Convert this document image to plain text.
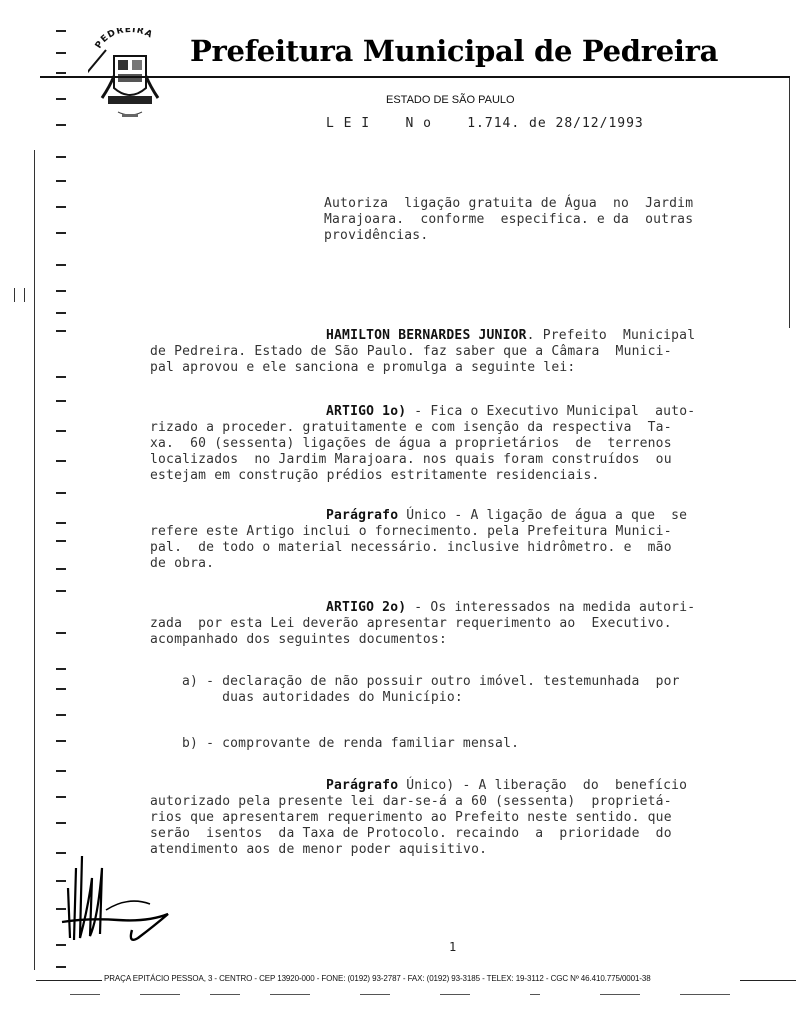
PEDREIRA Prefeitura Municipal de Pedreira
ESTADO DE SÃO PAULO
L E I    N o    1.714. de 28/12/1993
Autoriza  ligação gratuita de Água  no  Jardim
Marajoara.  conforme  especifica. e da  outras
providências.
HAMILTON BERNARDES JUNIOR. Prefeito  Municipal
de Pedreira. Estado de São Paulo. faz saber que a Câmara  Munici-
pal aprovou e ele sanciona e promulga a seguinte lei:
ARTIGO 1o) - Fica o Executivo Municipal  auto-
rizado a proceder. gratuitamente e com isenção da respectiva  Ta-
xa.  60 (sessenta) ligações de água a proprietários  de  terrenos
localizados  no Jardim Marajoara. nos quais foram construídos  ou
estejam em construção prédios estritamente residenciais.
Parágrafo Único - A ligação de água a que  se
refere este Artigo inclui o fornecimento. pela Prefeitura Munici-
pal.  de todo o material necessário. inclusive hidrômetro. e  mão
de obra.
ARTIGO 2o) - Os interessados na medida autori-
zada  por esta Lei deverão apresentar requerimento ao  Executivo.
acompanhado dos seguintes documentos:
a) - declaração de não possuir outro imóvel. testemunhada  por
duas autoridades do Município:
b) - comprovante de renda familiar mensal.
Parágrafo Único) - A liberação  do  benefício
autorizado pela presente lei dar-se-á a 60 (sessenta)  proprietá-
rios que apresentarem requerimento ao Prefeito neste sentido. que
serão  isentos  da Taxa de Protocolo. recaindo  a  prioridade  do
atendimento aos de menor poder aquisitivo.
1
PRAÇA EPITÁCIO PESSOA, 3 - CENTRO - CEP 13920-000 - FONE: (0192) 93-2787 - FAX: (0192) 93-3185 - TELEX: 19-3112 - CGC Nº 46.410.775/0001-38
